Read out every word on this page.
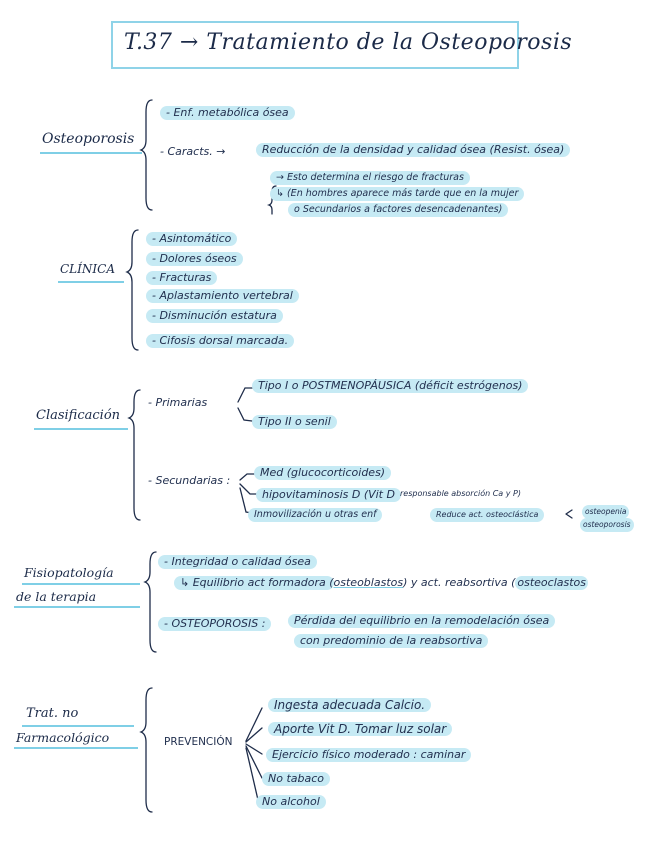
T.37 → Tratamiento de la Osteoporosis
Osteoporosis
- Enf. metabólica ósea
- Caracts. →	Reducción de la densidad y calidad ósea (Resist. ósea)
→ Esto determina el riesgo de fracturas
↳ (En hombres aparece más tarde que en la mujer
o Secundarios a factores desencadenantes)
CLÍNICA
- Asintomático
- Dolores óseos
- Fracturas
- Aplastamiento vertebral
- Disminución estatura
- Cifosis dorsal marcada.
Clasificación
- Primarias
Tipo I o POSTMENOPÁUSICA (déficit estrógenos)
Tipo II o senil
- Secundarias :
Med (glucocorticoides)
hipovitaminosis D (Vit D responsable absorción Ca y P)
Inmovilización u otras enf	Reduce act. osteoclástica	osteopenia
osteoporosis
Fisiopatología
de la terapia
- Integridad o calidad ósea
↳ Equilibrio act formadora (osteoblastos) y act. reabsortiva ( osteoclastos
- OSTEOPOROSIS :	Pérdida del equilibrio en la remodelación ósea
con predominio de la reabsortiva
Trat. no
Farmacológico	PREVENCIÓN
Ingesta adecuada Calcio.
Aporte Vit D. Tomar luz solar
Ejercicio físico moderado : caminar
No tabaco
No alcohol
